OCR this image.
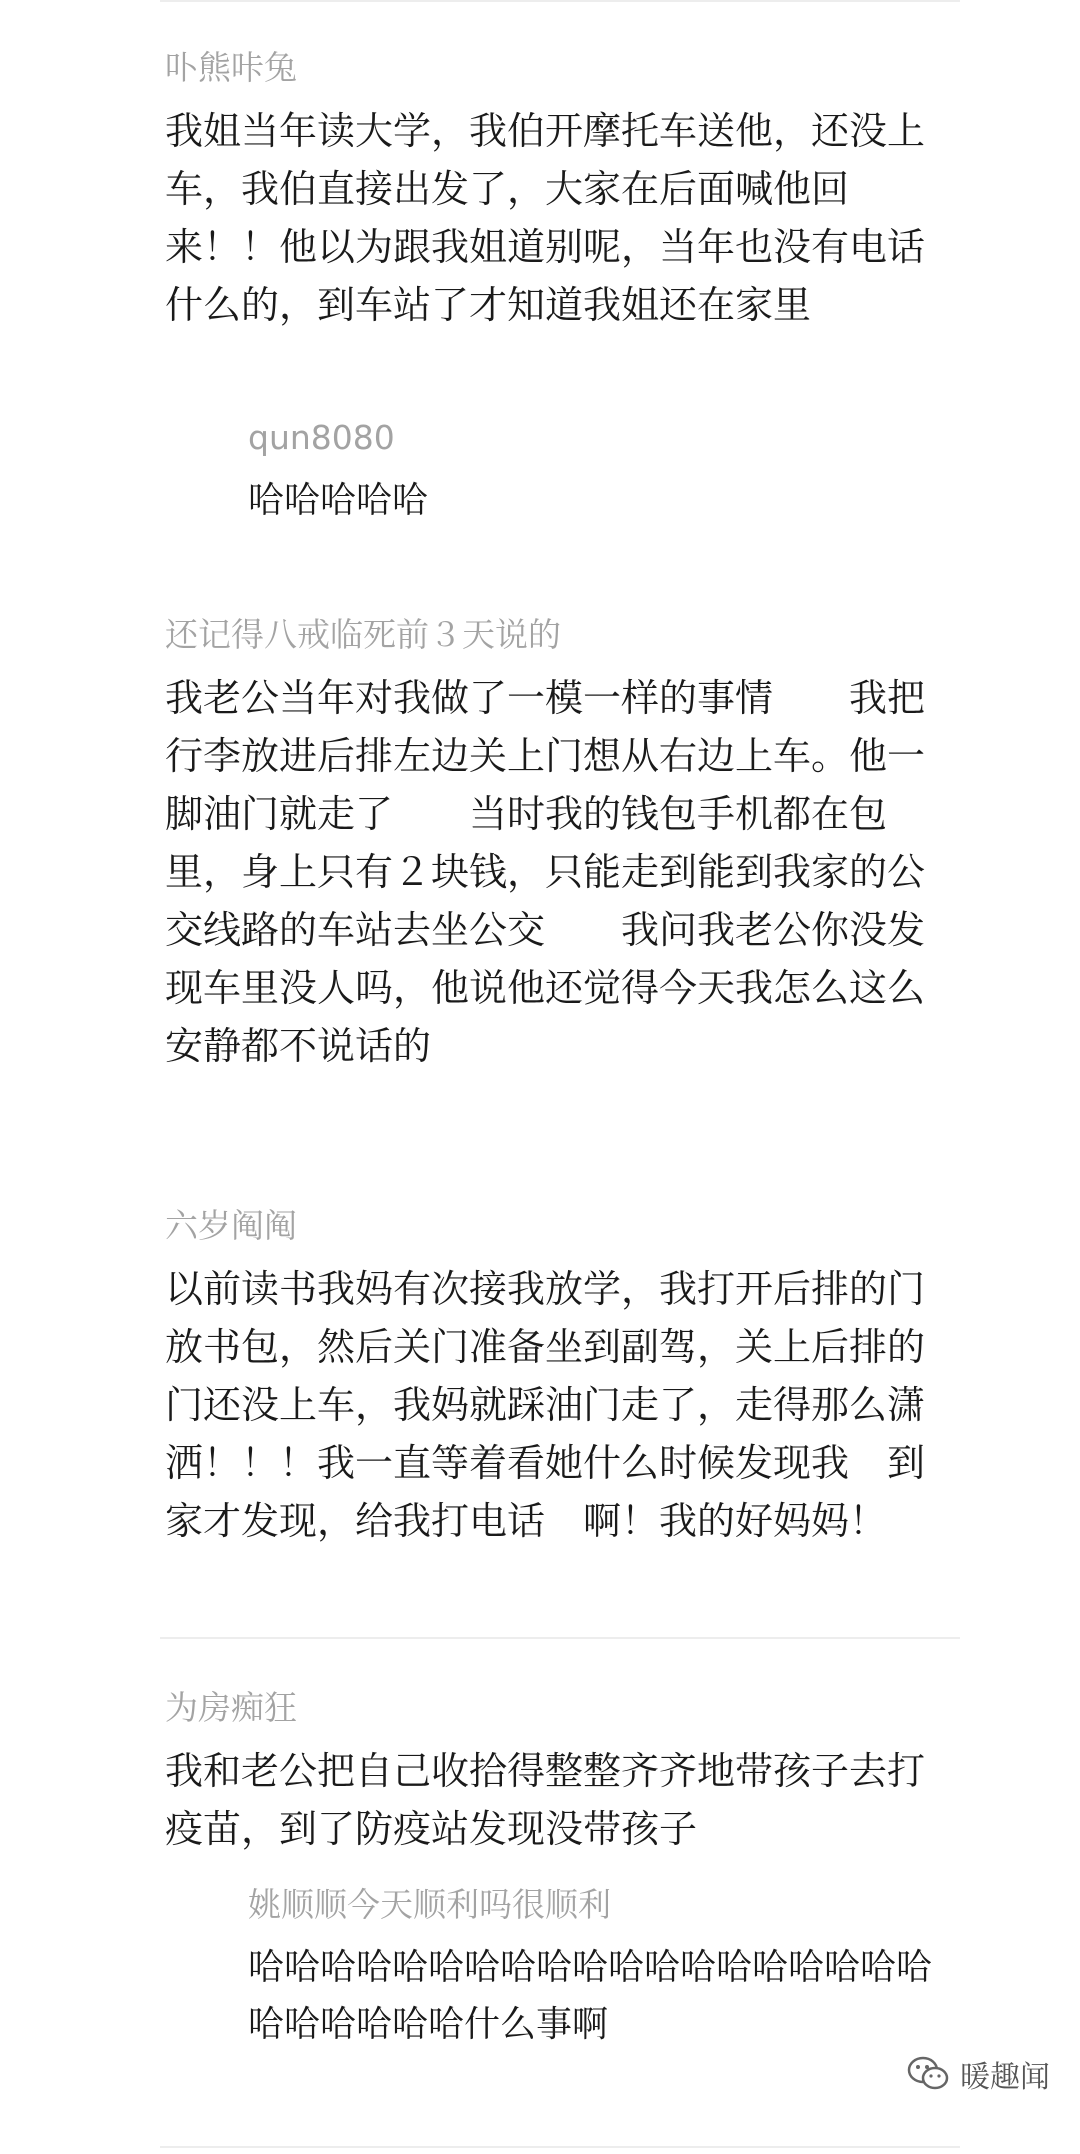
卟熊咔兔

我姐当年读大学，我伯开摩托车送他，还没上车，我伯直接出发了，大家在后面喊他回来！！他以为跟我姐道别呢，当年也没有电话什么的，到车站了才知道我姐还在家里

qun8080

哈哈哈哈哈

还记得八戒临死前３天说的

我老公当年对我做了一模一样的事情　　我把行李放进后排左边关上门想从右边上车。他一脚油门就走了　　当时我的钱包手机都在包里，身上只有２块钱，只能走到能到我家的公交线路的车站去坐公交　　我问我老公你没发现车里没人吗，他说他还觉得今天我怎么这么安静都不说话的

六岁阄阄

以前读书我妈有次接我放学，我打开后排的门放书包，然后关门准备坐到副驾，关上后排的门还没上车，我妈就踩油门走了，走得那么潇洒！！！我一直等着看她什么时候发现我　到家才发现，给我打电话　啊！我的好妈妈！

为房痴狂

我和老公把自己收拾得整整齐齐地带孩子去打疫苗，到了防疫站发现没带孩子

姚顺顺今天顺利吗很顺利

哈哈哈哈哈哈哈哈哈哈哈哈哈哈哈哈哈哈哈哈哈哈哈哈哈什么事啊

暖趣闻
